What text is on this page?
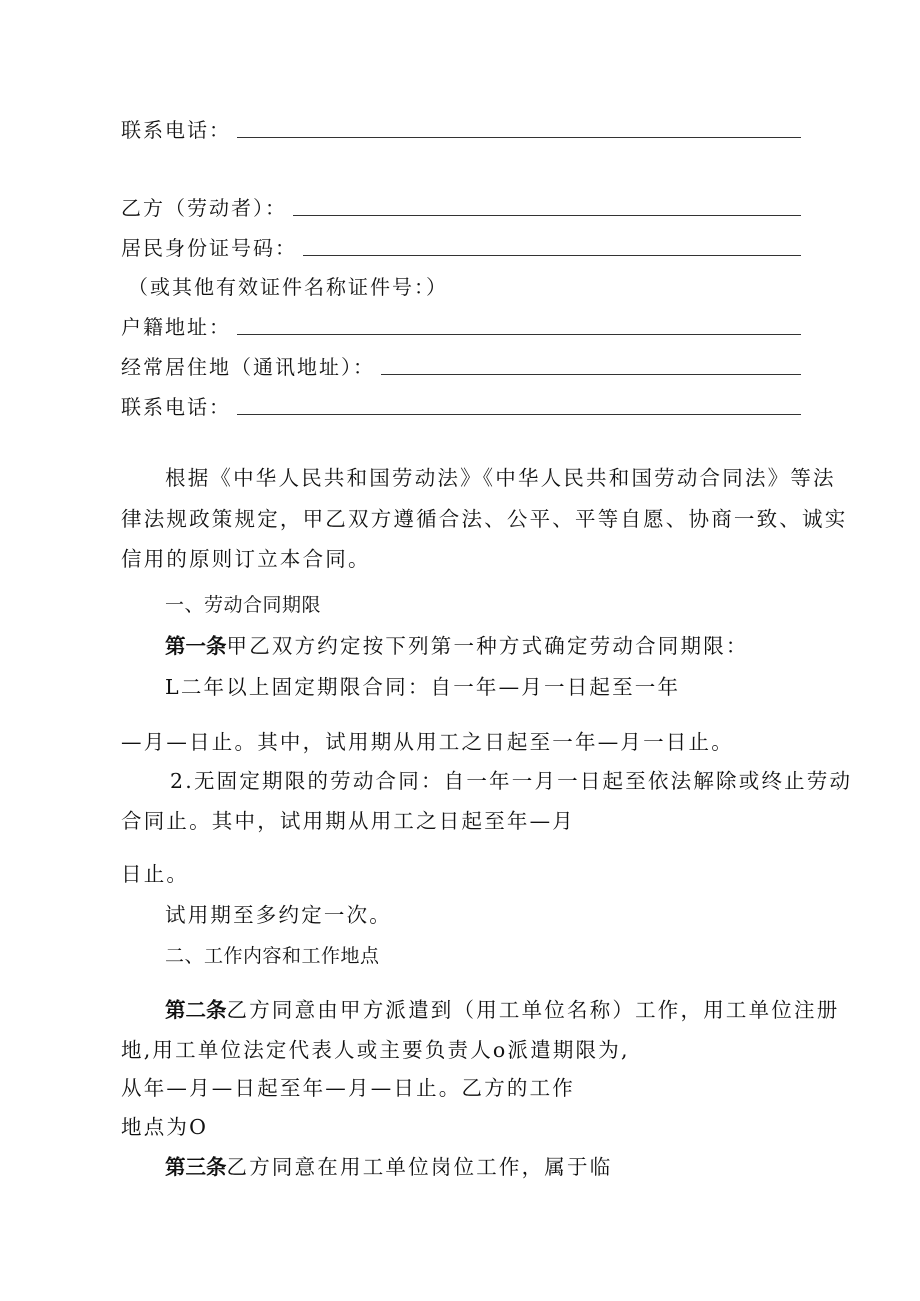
联系电话：
乙方（劳动者）：
居民身份证号码：
（或其他有效证件名称证件号：）
户籍地址：
经常居住地（通讯地址）：
联系电话：
根据《中华人民共和国劳动法》《中华人民共和国劳动合同法》等法
律法规政策规定，甲乙双方遵循合法、公平、平等自愿、协商一致、诚实
信用的原则订立本合同。
一、劳动合同期限
第一条甲乙双方约定按下列第一种方式确定劳动合同期限：
L二年以上固定期限合同：自一年—月一日起至一年
—月—日止。其中，试用期从用工之日起至一年—月一日止。
2.无固定期限的劳动合同：自一年一月一日起至依法解除或终止劳动
合同止。其中，试用期从用工之日起至年—月
日止。
试用期至多约定一次。
二、工作内容和工作地点
第二条乙方同意由甲方派遣到（用工单位名称）工作，用工单位注册
地,用工单位法定代表人或主要负责人o派遣期限为,
从年—月—日起至年—月—日止。乙方的工作
地点为O
第三条乙方同意在用工单位岗位工作，属于临
